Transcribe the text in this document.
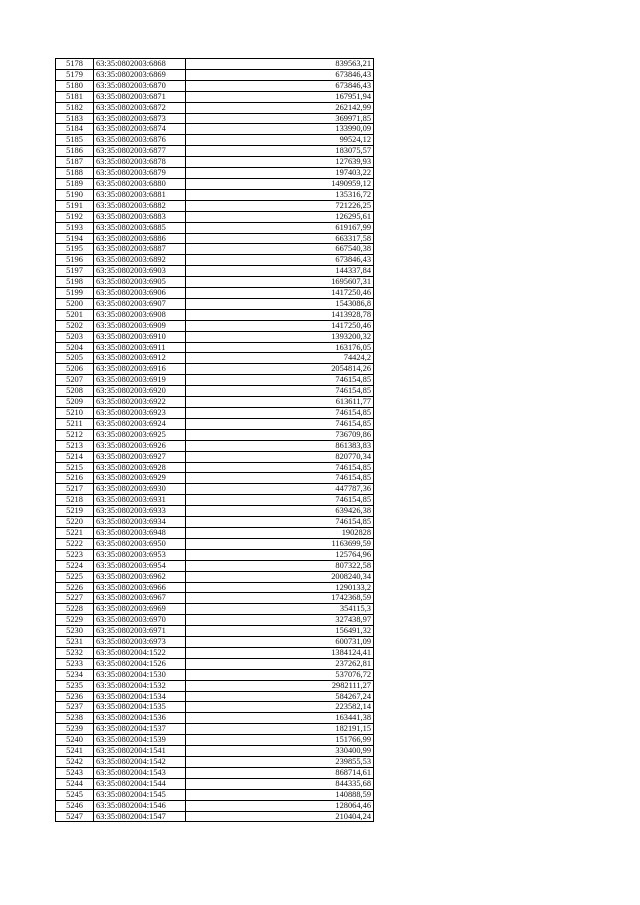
5178	63:35:0802003:6868	839563,21
5179	63:35:0802003:6869	673846,43
5180	63:35:0802003:6870	673846,43
5181	63:35:0802003:6871	167951,94
5182	63:35:0802003:6872	262142,99
5183	63:35:0802003:6873	369971,85
5184	63:35:0802003:6874	133990,09
5185	63:35:0802003:6876	99524,12
5186	63:35:0802003:6877	183075,57
5187	63:35:0802003:6878	127639,93
5188	63:35:0802003:6879	197403,22
5189	63:35:0802003:6880	1490959,12
5190	63:35:0802003:6881	135316,72
5191	63:35:0802003:6882	721226,25
5192	63:35:0802003:6883	126295,61
5193	63:35:0802003:6885	619167,99
5194	63:35:0802003:6886	663317,58
5195	63:35:0802003:6887	667540,38
5196	63:35:0802003:6892	673846,43
5197	63:35:0802003:6903	144337,84
5198	63:35:0802003:6905	1695607,31
5199	63:35:0802003:6906	1417250,46
5200	63:35:0802003:6907	1543086,8
5201	63:35:0802003:6908	1413928,78
5202	63:35:0802003:6909	1417250,46
5203	63:35:0802003:6910	1393200,32
5204	63:35:0802003:6911	163176,05
5205	63:35:0802003:6912	74424,2
5206	63:35:0802003:6916	2054814,26
5207	63:35:0802003:6919	746154,85
5208	63:35:0802003:6920	746154,85
5209	63:35:0802003:6922	613611,77
5210	63:35:0802003:6923	746154,85
5211	63:35:0802003:6924	746154,85
5212	63:35:0802003:6925	736709,86
5213	63:35:0802003:6926	861383,83
5214	63:35:0802003:6927	820770,34
5215	63:35:0802003:6928	746154,85
5216	63:35:0802003:6929	746154,85
5217	63:35:0802003:6930	447787,36
5218	63:35:0802003:6931	746154,85
5219	63:35:0802003:6933	639426,38
5220	63:35:0802003:6934	746154,85
5221	63:35:0802003:6948	1902828
5222	63:35:0802003:6950	1163699,59
5223	63:35:0802003:6953	125764,96
5224	63:35:0802003:6954	807322,58
5225	63:35:0802003:6962	2008240,34
5226	63:35:0802003:6966	1290133,2
5227	63:35:0802003:6967	1742368,59
5228	63:35:0802003:6969	354115,3
5229	63:35:0802003:6970	327438,97
5230	63:35:0802003:6971	156491,32
5231	63:35:0802003:6973	600731,09
5232	63:35:0802004:1522	1384124,41
5233	63:35:0802004:1526	237262,81
5234	63:35:0802004:1530	537076,72
5235	63:35:0802004:1532	2982111,27
5236	63:35:0802004:1534	584267,24
5237	63:35:0802004:1535	223582,14
5238	63:35:0802004:1536	163441,38
5239	63:35:0802004:1537	182191,15
5240	63:35:0802004:1539	151766,99
5241	63:35:0802004:1541	330400,99
5242	63:35:0802004:1542	239855,53
5243	63:35:0802004:1543	868714,61
5244	63:35:0802004:1544	844335,68
5245	63:35:0802004:1545	140888,59
5246	63:35:0802004:1546	128064,46
5247	63:35:0802004:1547	210404,24
